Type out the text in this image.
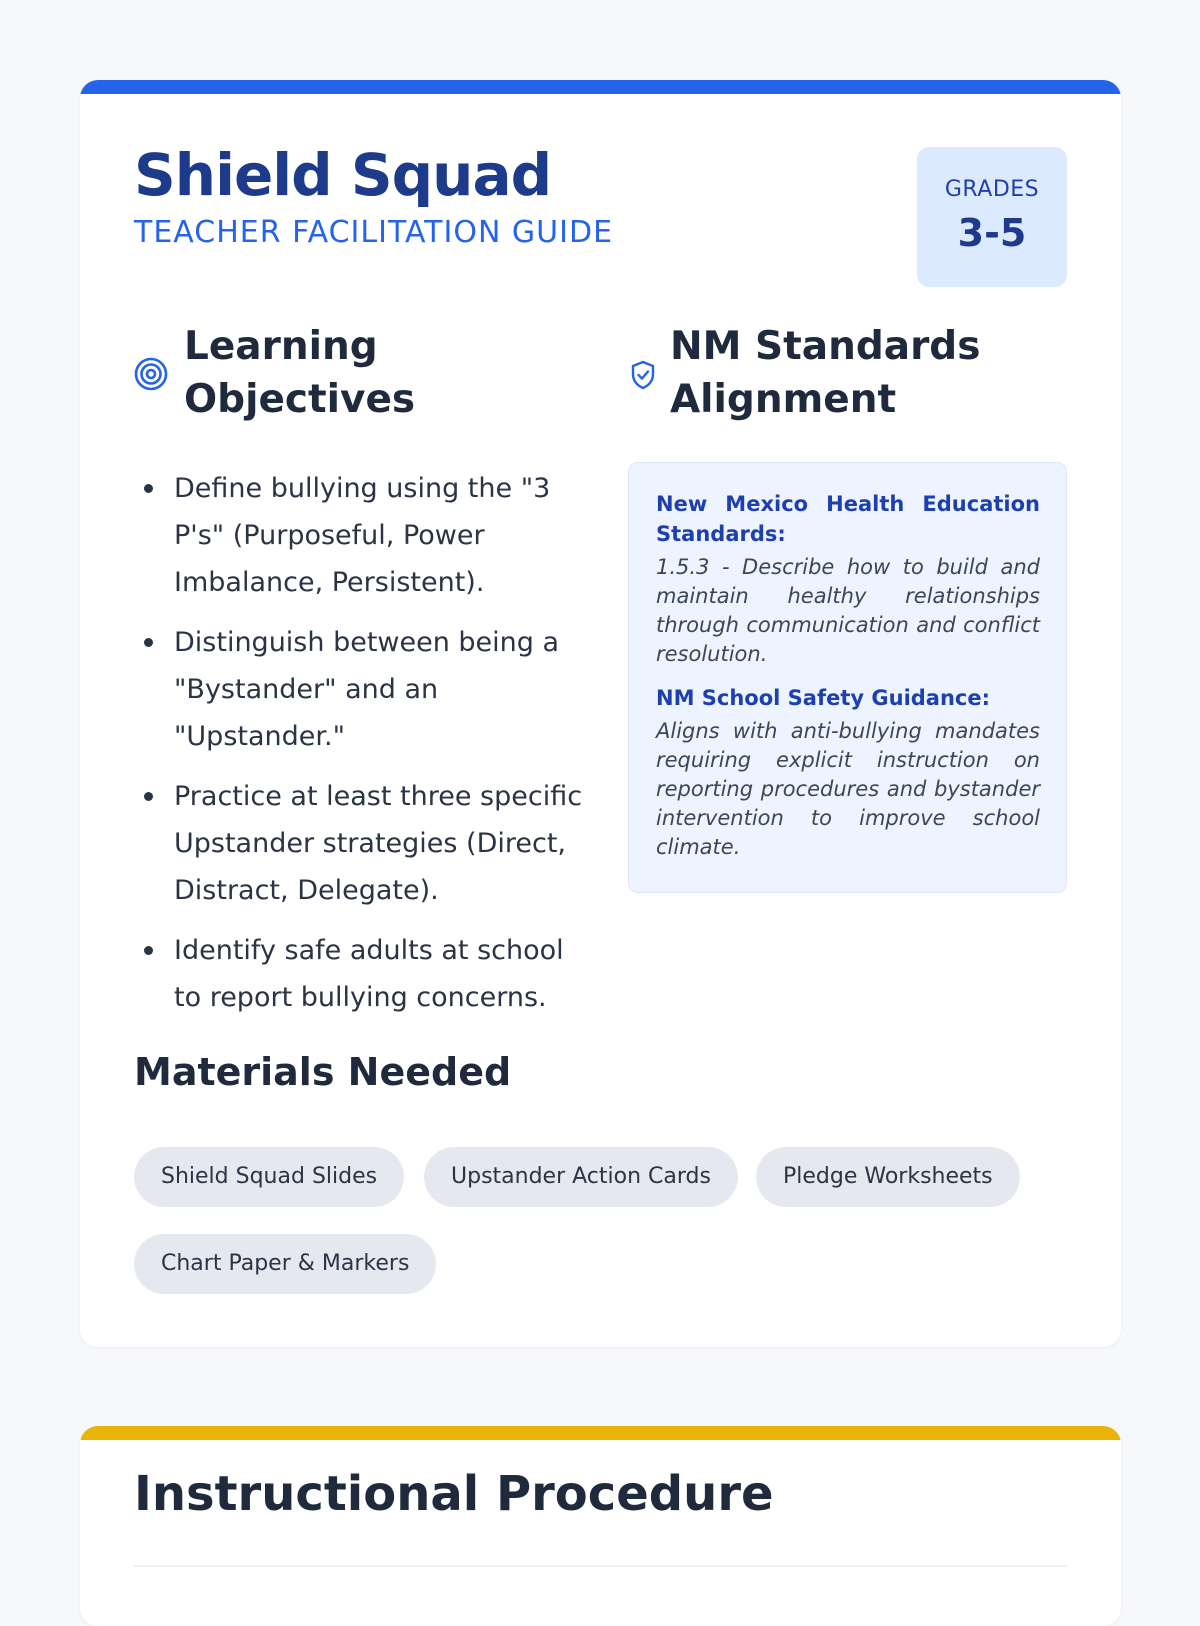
Shield Squad
TEACHER FACILITATION GUIDE
GRADES
3-5
Learning
Objectives
Define bullying using the "3
P's" (Purposeful, Power
Imbalance, Persistent).
Distinguish between being a
"Bystander" and an
"Upstander."
Practice at least three specific
Upstander strategies (Direct,
Distract, Delegate).
Identify safe adults at school
to report bullying concerns.
NM Standards
Alignment

New Mexico Health Education Standards:

1.5.3 - Describe how to build and maintain healthy relationships through communication and conflict resolution.

NM School Safety Guidance:

Aligns with anti-bullying mandates requiring explicit instruction on reporting procedures and bystander intervention to improve school climate.

Materials Needed
Shield Squad Slides	Upstander Action Cards	Pledge Worksheets
Chart Paper & Markers
Instructional Procedure
